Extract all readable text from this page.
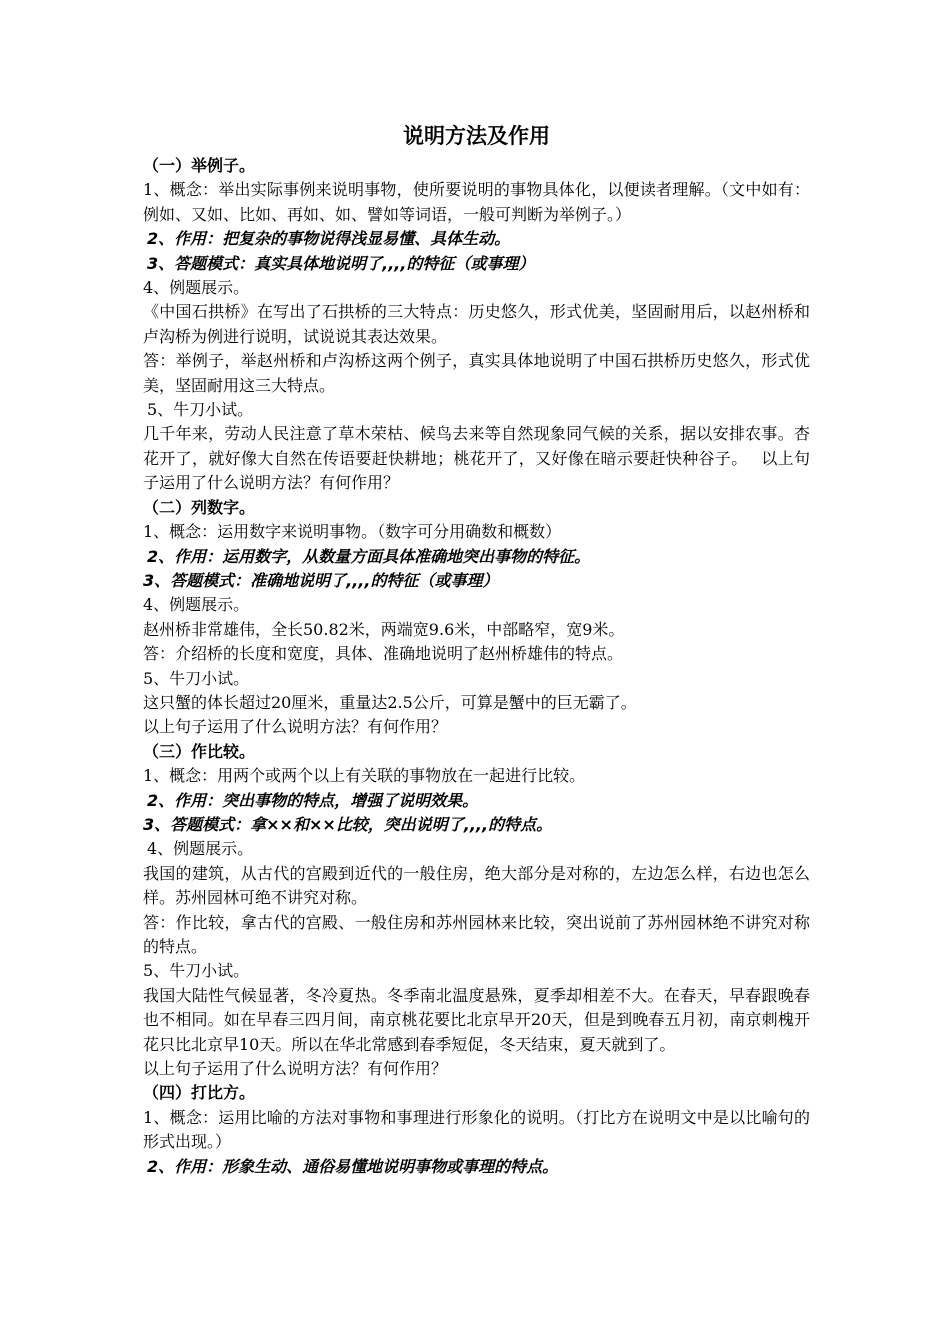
说明方法及作用
（一）举例子。
1、概念：举出实际事例来说明事物，使所要说明的事物具体化，以便读者理解。（文中如有：例如、又如、比如、再如、如、譬如等词语，一般可判断为举例子。）
2、作用：把复杂的事物说得浅显易懂、具体生动。
3、答题模式：真实具体地说明了,,,,的特征（或事理）
4、例题展示。
《中国石拱桥》在写出了石拱桥的三大特点：历史悠久，形式优美，坚固耐用后，以赵州桥和卢沟桥为例进行说明，试说说其表达效果。
答：举例子，举赵州桥和卢沟桥这两个例子，真实具体地说明了中国石拱桥历史悠久，形式优美，坚固耐用这三大特点。
5、牛刀小试。
几千年来，劳动人民注意了草木荣枯、候鸟去来等自然现象同气候的关系，据以安排农事。杏花开了，就好像大自然在传语要赶快耕地；桃花开了，又好像在暗示要赶快种谷子。　 以上句子运用了什么说明方法？有何作用？
（二）列数字。
1、概念：运用数字来说明事物。（数字可分用确数和概数）
2、作用：运用数字，从数量方面具体准确地突出事物的特征。
3、答题模式：准确地说明了,,,,的特征（或事理）
4、例题展示。
赵州桥非常雄伟，全长50.82米，两端宽9.6米，中部略窄，宽9米。
答：介绍桥的长度和宽度，具体、准确地说明了赵州桥雄伟的特点。
5、牛刀小试。
这只蟹的体长超过20厘米，重量达2.5公斤，可算是蟹中的巨无霸了。
以上句子运用了什么说明方法？有何作用？
（三）作比较。
1、概念：用两个或两个以上有关联的事物放在一起进行比较。
2、作用：突出事物的特点，增强了说明效果。
3、答题模式：拿××和××比较，突出说明了,,,,的特点。
4、例题展示。
我国的建筑，从古代的宫殿到近代的一般住房，绝大部分是对称的，左边怎么样，右边也怎么样。苏州园林可绝不讲究对称。
答：作比较，拿古代的宫殿、一般住房和苏州园林来比较，突出说前了苏州园林绝不讲究对称的特点。
5、牛刀小试。
我国大陆性气候显著，冬冷夏热。冬季南北温度悬殊，夏季却相差不大。在春天，早春跟晚春也不相同。如在早春三四月间，南京桃花要比北京早开20天，但是到晚春五月初，南京刺槐开花只比北京早10天。所以在华北常感到春季短促，冬天结束，夏天就到了。
以上句子运用了什么说明方法？有何作用？
（四）打比方。
1、概念：运用比喻的方法对事物和事理进行形象化的说明。（打比方在说明文中是以比喻句的形式出现。）
2、作用：形象生动、通俗易懂地说明事物或事理的特点。
